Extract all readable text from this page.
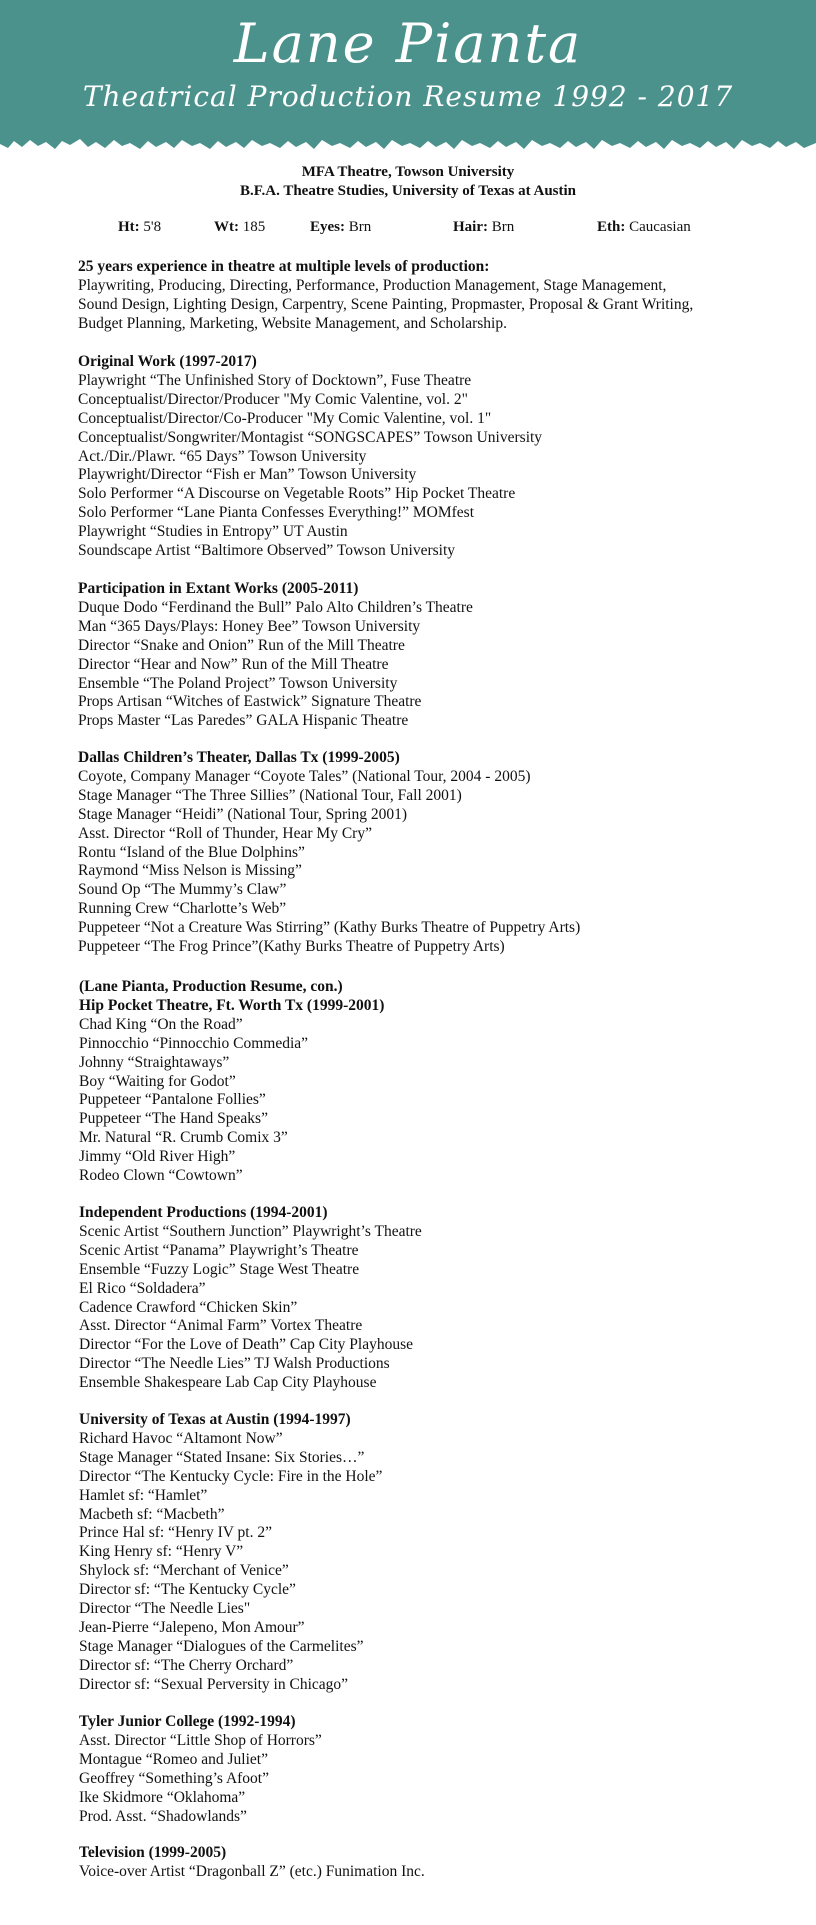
Lane Pianta
Theatrical Production Resume 1992 - 2017
MFA Theatre, Towson University
B.F.A. Theatre Studies, University of Texas at Austin
Ht: 5'8	Wt: 185	Eyes: Brn	Hair: Brn	Eth: Caucasian
25 years experience in theatre at multiple levels of production:
Playwriting, Producing, Directing, Performance, Production Management, Stage Management,
Sound Design, Lighting Design, Carpentry, Scene Painting, Propmaster, Proposal & Grant Writing,
Budget Planning, Marketing, Website Management, and Scholarship.
Original Work (1997-2017)
Playwright “The Unfinished Story of Docktown”, Fuse Theatre
Conceptualist/Director/Producer "My Comic Valentine, vol. 2"
Conceptualist/Director/Co-Producer "My Comic Valentine, vol. 1"
Conceptualist/Songwriter/Montagist “SONGSCAPES” Towson University
Act./Dir./Plawr. “65 Days” Towson University
Playwright/Director “Fish er Man” Towson University
Solo Performer “A Discourse on Vegetable Roots” Hip Pocket Theatre
Solo Performer “Lane Pianta Confesses Everything!” MOMfest
Playwright “Studies in Entropy” UT Austin
Soundscape Artist “Baltimore Observed” Towson University
Participation in Extant Works (2005-2011)
Duque Dodo “Ferdinand the Bull” Palo Alto Children’s Theatre
Man “365 Days/Plays: Honey Bee” Towson University
Director “Snake and Onion” Run of the Mill Theatre
Director “Hear and Now” Run of the Mill Theatre
Ensemble “The Poland Project” Towson University
Props Artisan “Witches of Eastwick” Signature Theatre
Props Master “Las Paredes” GALA Hispanic Theatre
Dallas Children’s Theater, Dallas Tx (1999-2005)
Coyote, Company Manager “Coyote Tales” (National Tour, 2004 - 2005)
Stage Manager “The Three Sillies” (National Tour, Fall 2001)
Stage Manager “Heidi” (National Tour, Spring 2001)
Asst. Director “Roll of Thunder, Hear My Cry”
Rontu “Island of the Blue Dolphins”
Raymond “Miss Nelson is Missing”
Sound Op “The Mummy’s Claw”
Running Crew “Charlotte’s Web”
Puppeteer “Not a Creature Was Stirring” (Kathy Burks Theatre of Puppetry Arts)
Puppeteer “The Frog Prince”(Kathy Burks Theatre of Puppetry Arts)
(Lane Pianta, Production Resume, con.)
Hip Pocket Theatre, Ft. Worth Tx (1999-2001)
Chad King “On the Road”
Pinnocchio “Pinnocchio Commedia”
Johnny “Straightaways”
Boy “Waiting for Godot”
Puppeteer “Pantalone Follies”
Puppeteer “The Hand Speaks”
Mr. Natural “R. Crumb Comix 3”
Jimmy “Old River High”
Rodeo Clown “Cowtown”
Independent Productions (1994-2001)
Scenic Artist “Southern Junction” Playwright’s Theatre
Scenic Artist “Panama” Playwright’s Theatre
Ensemble “Fuzzy Logic” Stage West Theatre
El Rico “Soldadera”
Cadence Crawford “Chicken Skin”
Asst. Director “Animal Farm” Vortex Theatre
Director “For the Love of Death” Cap City Playhouse
Director “The Needle Lies” TJ Walsh Productions
Ensemble Shakespeare Lab Cap City Playhouse
University of Texas at Austin (1994-1997)
Richard Havoc “Altamont Now”
Stage Manager “Stated Insane: Six Stories…”
Director “The Kentucky Cycle: Fire in the Hole”
Hamlet sf: “Hamlet”
Macbeth sf: “Macbeth”
Prince Hal sf: “Henry IV pt. 2”
King Henry sf: “Henry V”
Shylock sf: “Merchant of Venice”
Director sf: “The Kentucky Cycle”
Director “The Needle Lies"
Jean-Pierre “Jalepeno, Mon Amour”
Stage Manager “Dialogues of the Carmelites”
Director sf: “The Cherry Orchard”
Director sf: “Sexual Perversity in Chicago”
Tyler Junior College (1992-1994)
Asst. Director “Little Shop of Horrors”
Montague “Romeo and Juliet”
Geoffrey “Something’s Afoot”
Ike Skidmore “Oklahoma”
Prod. Asst. “Shadowlands”
Television (1999-2005)
Voice-over Artist “Dragonball Z” (etc.) Funimation Inc.
